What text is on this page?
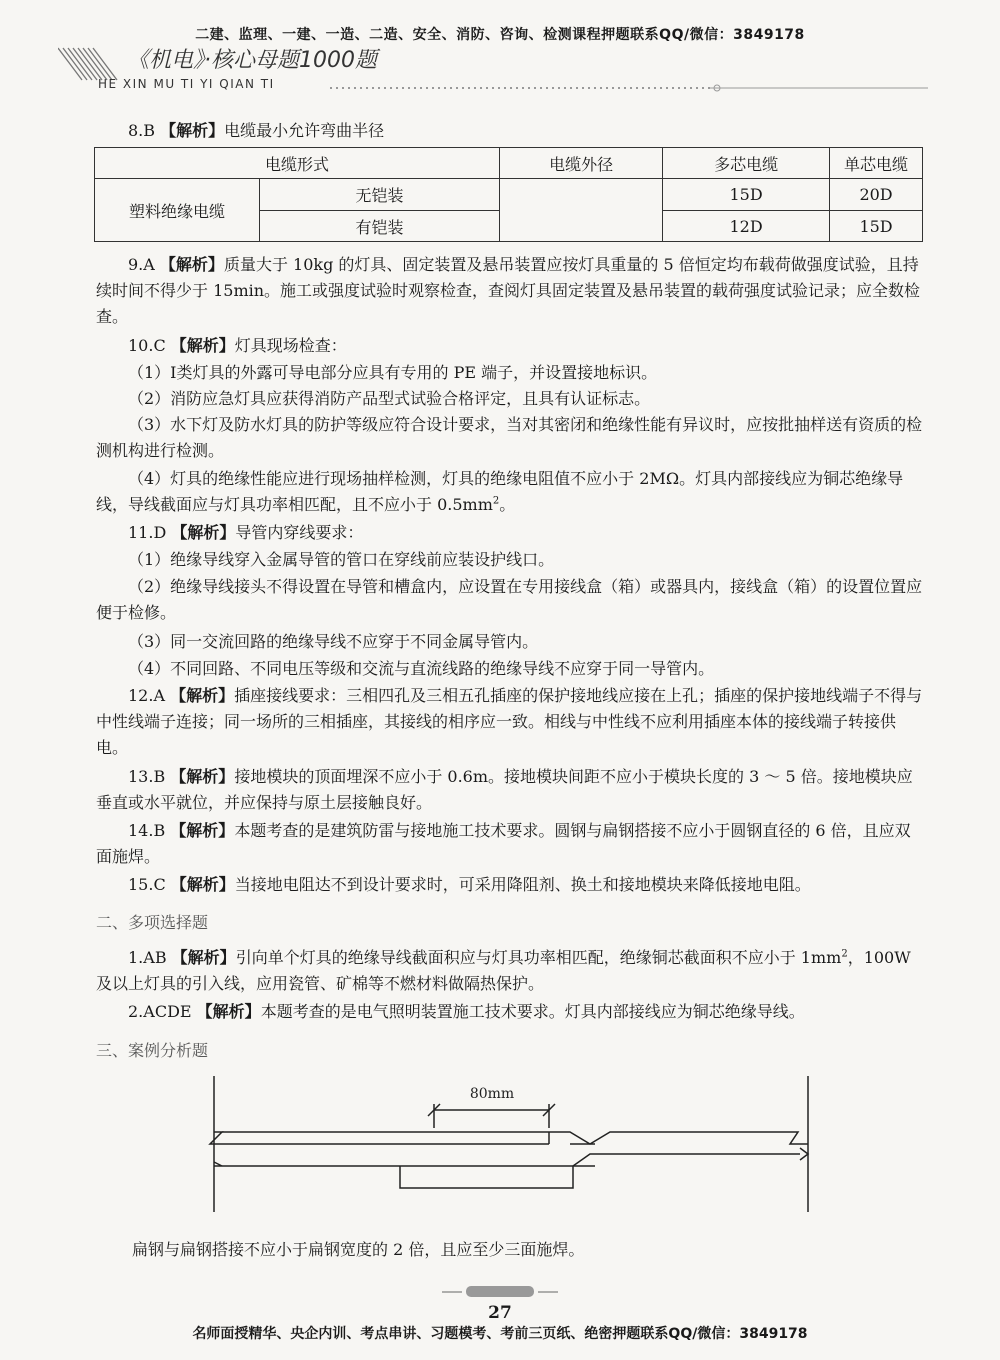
二建、监理、一建、一造、二造、安全、消防、咨询、检测课程押题联系QQ/微信：3849178
《机电》·核心母题1000题
HE XIN MU TI YI QIAN TI

8.B 【解析】电缆最小允许弯曲半径

电缆形式		电缆外径	多芯电缆	单芯电缆
塑料绝缘电缆	无铠装		15D	20D
	有铠装		12D	15D

9.A 【解析】质量大于 10kg 的灯具、固定装置及悬吊装置应按灯具重量的 5 倍恒定均布载荷做强度试验，且持续时间不得少于 15min。施工或强度试验时观察检查，查阅灯具固定装置及悬吊装置的载荷强度试验记录；应全数检查。

10.C 【解析】灯具现场检查：

（1）Ⅰ类灯具的外露可导电部分应具有专用的 PE 端子，并设置接地标识。

（2）消防应急灯具应获得消防产品型式试验合格评定，且具有认证标志。

（3）水下灯及防水灯具的防护等级应符合设计要求，当对其密闭和绝缘性能有异议时，应按批抽样送有资质的检测机构进行检测。

（4）灯具的绝缘性能应进行现场抽样检测，灯具的绝缘电阻值不应小于 2MΩ。灯具内部接线应为铜芯绝缘导线，导线截面应与灯具功率相匹配，且不应小于 $0.5mm^2$。

11.D 【解析】导管内穿线要求：

（1）绝缘导线穿入金属导管的管口在穿线前应装设护线口。

（2）绝缘导线接头不得设置在导管和槽盒内，应设置在专用接线盒（箱）或器具内，接线盒（箱）的设置位置应便于检修。

（3）同一交流回路的绝缘导线不应穿于不同金属导管内。

（4）不同回路、不同电压等级和交流与直流线路的绝缘导线不应穿于同一导管内。

12.A 【解析】插座接线要求：三相四孔及三相五孔插座的保护接地线应接在上孔；插座的保护接地线端子不得与中性线端子连接；同一场所的三相插座，其接线的相序应一致。相线与中性线不应利用插座本体的接线端子转接供电。

13.B 【解析】接地模块的顶面埋深不应小于 0.6m。接地模块间距不应小于模块长度的 3 ～ 5 倍。接地模块应垂直或水平就位，并应保持与原土层接触良好。

14.B 【解析】本题考查的是建筑防雷与接地施工技术要求。圆钢与扁钢搭接不应小于圆钢直径的 6 倍，且应双面施焊。

15.C 【解析】当接地电阻达不到设计要求时，可采用降阻剂、换土和接地模块来降低接地电阻。

二、多项选择题

1.AB 【解析】引向单个灯具的绝缘导线截面积应与灯具功率相匹配，绝缘铜芯截面积不应小于 $1mm^2$，100W 及以上灯具的引入线，应用瓷管、矿棉等不燃材料做隔热保护。

2.ACDE 【解析】本题考查的是电气照明装置施工技术要求。灯具内部接线应为铜芯绝缘导线。

三、案例分析题
80mm

扁钢与扁钢搭接不应小于扁钢宽度的 2 倍，且应至少三面施焊。

27
名师面授精华、央企内训、考点串讲、习题模考、考前三页纸、绝密押题联系QQ/微信：3849178
